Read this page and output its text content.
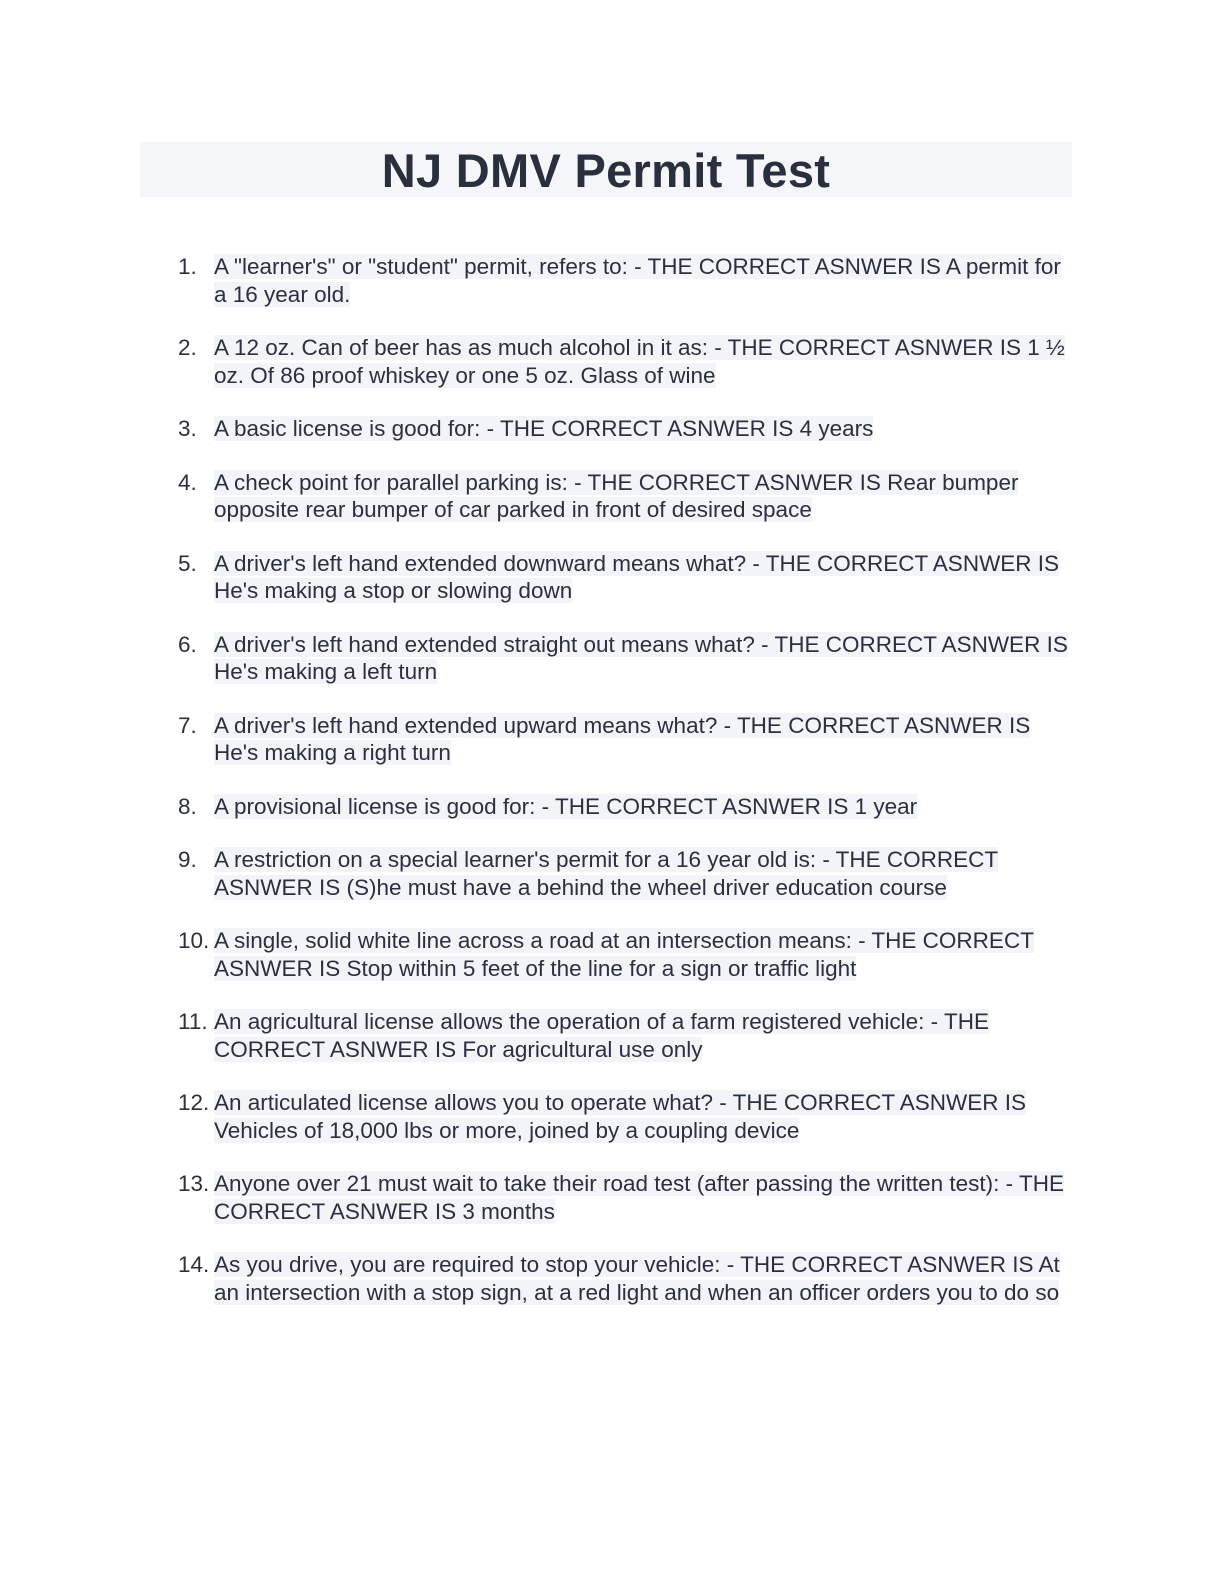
NJ DMV Permit Test
1. A "learner's" or "student" permit, refers to: - THE CORRECT ASNWER IS A permit for a 16 year old.
2. A 12 oz. Can of beer has as much alcohol in it as: - THE CORRECT ASNWER IS 1 ½ oz. Of 86 proof whiskey or one 5 oz. Glass of wine
3. A basic license is good for: - THE CORRECT ASNWER IS 4 years
4. A check point for parallel parking is: - THE CORRECT ASNWER IS Rear bumper opposite rear bumper of car parked in front of desired space
5. A driver's left hand extended downward means what? - THE CORRECT ASNWER IS He's making a stop or slowing down
6. A driver's left hand extended straight out means what? - THE CORRECT ASNWER IS He's making a left turn
7. A driver's left hand extended upward means what? - THE CORRECT ASNWER IS He's making a right turn
8. A provisional license is good for: - THE CORRECT ASNWER IS 1 year
9. A restriction on a special learner's permit for a 16 year old is: - THE CORRECT ASNWER IS (S)he must have a behind the wheel driver education course
10. A single, solid white line across a road at an intersection means: - THE CORRECT ASNWER IS Stop within 5 feet of the line for a sign or traffic light
11. An agricultural license allows the operation of a farm registered vehicle: - THE CORRECT ASNWER IS For agricultural use only
12. An articulated license allows you to operate what? - THE CORRECT ASNWER IS Vehicles of 18,000 lbs or more, joined by a coupling device
13. Anyone over 21 must wait to take their road test (after passing the written test): - THE CORRECT ASNWER IS 3 months
14. As you drive, you are required to stop your vehicle: - THE CORRECT ASNWER IS At an intersection with a stop sign, at a red light and when an officer orders you to do so
